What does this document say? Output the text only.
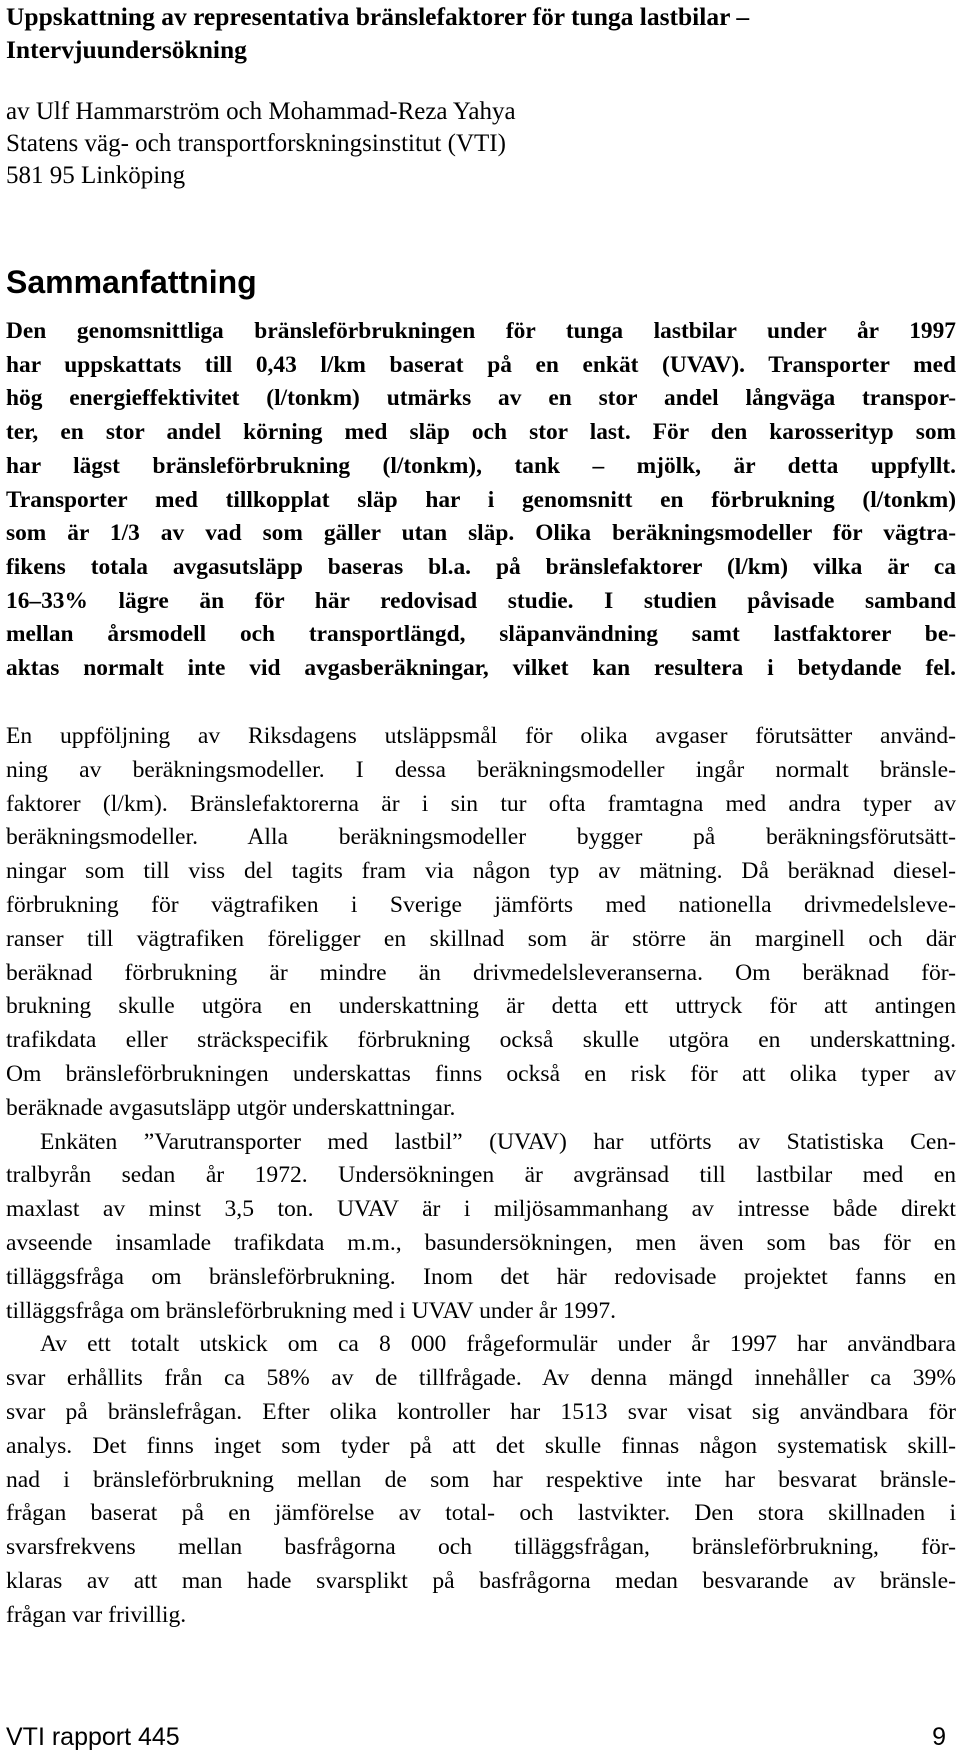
Uppskattning av representativa bränslefaktorer för tunga lastbilar –
Intervjuundersökning
av Ulf Hammarström och Mohammad-Reza Yahya
Statens väg- och transportforskningsinstitut (VTI)
581 95 Linköping
Sammanfattning

Den genomsnittliga bränsleförbrukningen för tunga lastbilar under år 1997
har uppskattats till 0,43 l/km baserat på en enkät (UVAV). Transporter med
hög energieffektivitet (l/tonkm) utmärks av en stor andel långväga transpor-
ter, en stor andel körning med släp och stor last. För den karosserityp som
har lägst bränsleförbrukning (l/tonkm), tank – mjölk, är detta uppfyllt.
Transporter med tillkopplat släp har i genomsnitt en förbrukning (l/tonkm)
som är 1/3 av vad som gäller utan släp. Olika beräkningsmodeller för vägtra-
fikens totala avgasutsläpp baseras bl.a. på bränslefaktorer (l/km) vilka är ca
16–33% lägre än för här redovisad studie. I studien påvisade samband
mellan årsmodell och transportlängd, släpanvändning samt lastfaktorer be-
aktas normalt inte vid avgasberäkningar, vilket kan resultera i betydande fel.

En uppföljning av Riksdagens utsläppsmål för olika avgaser förutsätter använd-
ning av beräkningsmodeller. I dessa beräkningsmodeller ingår normalt bränsle-
faktorer (l/km). Bränslefaktorerna är i sin tur ofta framtagna med andra typer av
beräkningsmodeller. Alla beräkningsmodeller bygger på beräkningsförutsätt-
ningar som till viss del tagits fram via någon typ av mätning. Då beräknad diesel-
förbrukning för vägtrafiken i Sverige jämförts med nationella drivmedelsleve-
ranser till vägtrafiken föreligger en skillnad som är större än marginell och där
beräknad förbrukning är mindre än drivmedelsleveranserna. Om beräknad för-
brukning skulle utgöra en underskattning är detta ett uttryck för att antingen
trafikdata eller sträckspecifik förbrukning också skulle utgöra en underskattning.
Om bränsleförbrukningen underskattas finns också en risk för att olika typer av
beräknade avgasutsläpp utgör underskattningar.
Enkäten ”Varutransporter med lastbil” (UVAV) har utförts av Statistiska Cen-
tralbyrån sedan år 1972. Undersökningen är avgränsad till lastbilar med en
maxlast av minst 3,5 ton. UVAV är i miljösammanhang av intresse både direkt
avseende insamlade trafikdata m.m., basundersökningen, men även som bas för en
tilläggsfråga om bränsleförbrukning. Inom det här redovisade projektet fanns en
tilläggsfråga om bränsleförbrukning med i UVAV under år 1997.
Av ett totalt utskick om ca 8 000 frågeformulär under år 1997 har användbara
svar erhållits från ca 58% av de tillfrågade. Av denna mängd innehåller ca 39%
svar på bränslefrågan. Efter olika kontroller har 1513 svar visat sig användbara för
analys. Det finns inget som tyder på att det skulle finnas någon systematisk skill-
nad i bränsleförbrukning mellan de som har respektive inte har besvarat bränsle-
frågan baserat på en jämförelse av total- och lastvikter. Den stora skillnaden i
svarsfrekvens mellan basfrågorna och tilläggsfrågan, bränsleförbrukning, för-
klaras av att man hade svarsplikt på basfrågorna medan besvarande av bränsle-
frågan var frivillig.
VTI rapport 445	9
